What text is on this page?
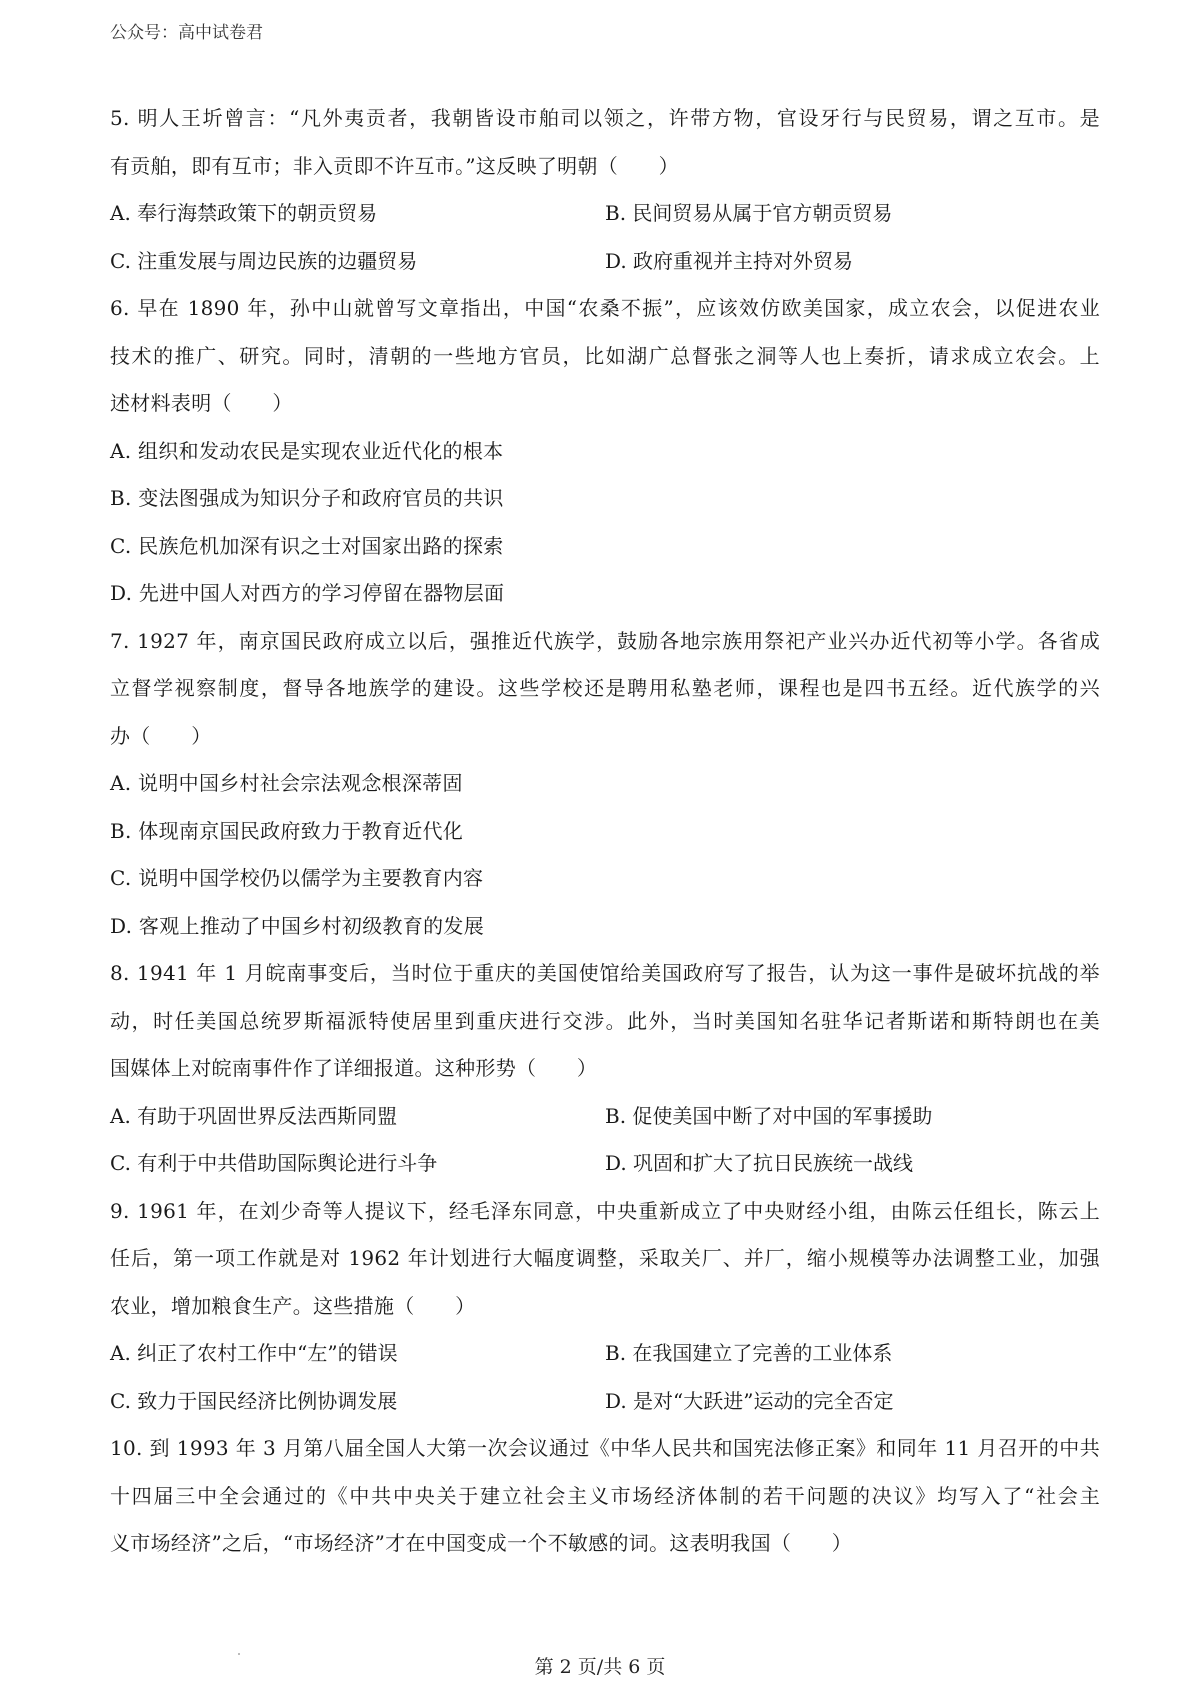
公众号：高中试卷君
5. 明人王圻曾言：“凡外夷贡者，我朝皆设市舶司以领之，许带方物，官设牙行与民贸易，谓之互市。是
有贡舶，即有互市；非入贡即不许互市。”这反映了明朝（　　）
A. 奉行海禁政策下的朝贡贸易	B. 民间贸易从属于官方朝贡贸易
C. 注重发展与周边民族的边疆贸易	D. 政府重视并主持对外贸易
6. 早在 1890 年，孙中山就曾写文章指出，中国“农桑不振”，应该效仿欧美国家，成立农会，以促进农业
技术的推广、研究。同时，清朝的一些地方官员，比如湖广总督张之洞等人也上奏折，请求成立农会。上
述材料表明（　　）
A. 组织和发动农民是实现农业近代化的根本
B. 变法图强成为知识分子和政府官员的共识
C. 民族危机加深有识之士对国家出路的探索
D. 先进中国人对西方的学习停留在器物层面
7. 1927 年，南京国民政府成立以后，强推近代族学，鼓励各地宗族用祭祀产业兴办近代初等小学。各省成
立督学视察制度，督导各地族学的建设。这些学校还是聘用私塾老师，课程也是四书五经。近代族学的兴
办（　　）
A. 说明中国乡村社会宗法观念根深蒂固
B. 体现南京国民政府致力于教育近代化
C. 说明中国学校仍以儒学为主要教育内容
D. 客观上推动了中国乡村初级教育的发展
8. 1941 年 1 月皖南事变后，当时位于重庆的美国使馆给美国政府写了报告，认为这一事件是破坏抗战的举
动，时任美国总统罗斯福派特使居里到重庆进行交涉。此外，当时美国知名驻华记者斯诺和斯特朗也在美
国媒体上对皖南事件作了详细报道。这种形势（　　）
A. 有助于巩固世界反法西斯同盟	B. 促使美国中断了对中国的军事援助
C. 有利于中共借助国际舆论进行斗争	D. 巩固和扩大了抗日民族统一战线
9. 1961 年，在刘少奇等人提议下，经毛泽东同意，中央重新成立了中央财经小组，由陈云任组长，陈云上
任后，第一项工作就是对 1962 年计划进行大幅度调整，采取关厂、并厂，缩小规模等办法调整工业，加强
农业，增加粮食生产。这些措施（　　）
A. 纠正了农村工作中“左”的错误	B. 在我国建立了完善的工业体系
C. 致力于国民经济比例协调发展	D. 是对“大跃进”运动的完全否定
10. 到 1993 年 3 月第八届全国人大第一次会议通过《中华人民共和国宪法修正案》和同年 11 月召开的中共
十四届三中全会通过的《中共中央关于建立社会主义市场经济体制的若干问题的决议》均写入了“社会主
义市场经济”之后，“市场经济”才在中国变成一个不敏感的词。这表明我国（　　）
第 2 页/共 6 页
